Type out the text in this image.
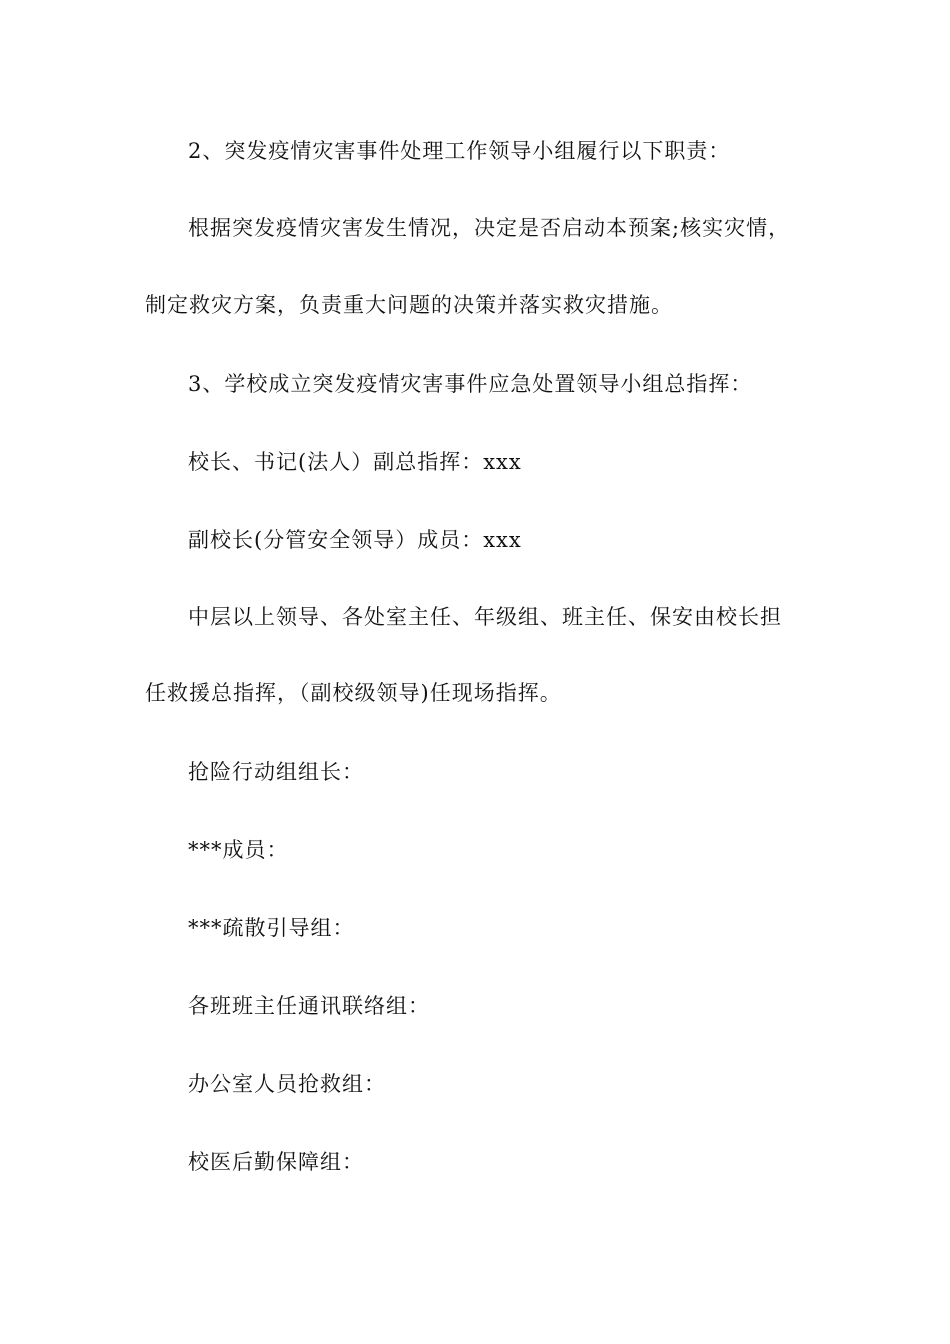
2、突发疫情灾害事件处理工作领导小组履行以下职责：
根据突发疫情灾害发生情况，决定是否启动本预案;核实灾情，
制定救灾方案，负责重大问题的决策并落实救灾措施。
3、学校成立突发疫情灾害事件应急处置领导小组总指挥：
校长、书记(法人）副总指挥：xxx
副校长(分管安全领导）成员：xxx
中层以上领导、各处室主任、年级组、班主任、保安由校长担
任救援总指挥，（副校级领导)任现场指挥。
抢险行动组组长：
***成员：
***疏散引导组：
各班班主任通讯联络组：
办公室人员抢救组：
校医后勤保障组：
